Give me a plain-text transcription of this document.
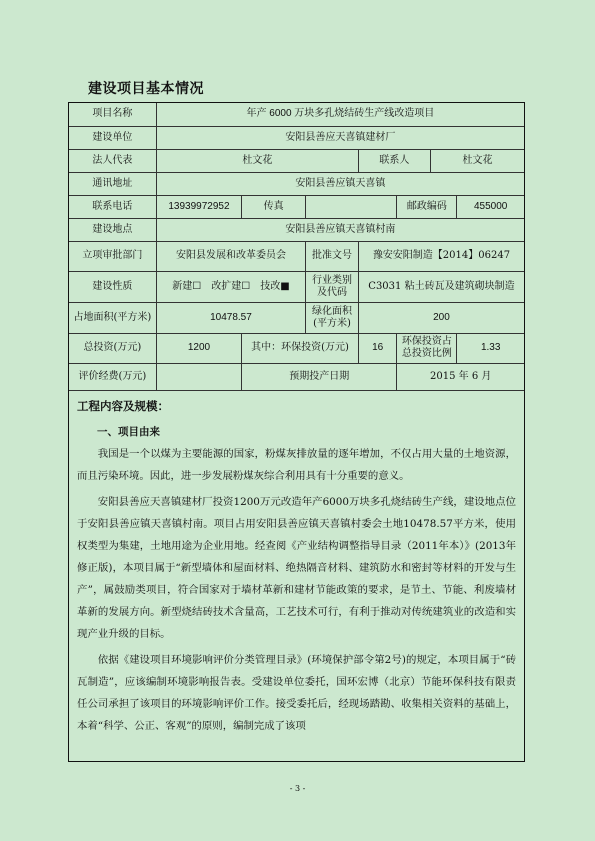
建设项目基本情况
项目名称	年产 6000 万块多孔烧结砖生产线改造项目						
建设单位	安阳县善应天喜镇建材厂						
法人代表	杜文花			联系人		杜文花	
通讯地址	安阳县善应镇天喜镇						
联系电话	13939972952	传真			邮政编码		455000
建设地点	安阳县善应镇天喜镇村南						
立项审批部门	安阳县发展和改革委员会		批准文号	豫安安阳制造【2014】06247			
建设性质	新建☐　改扩建☐　技改■		行业类别及代码	C3031 粘土砖瓦及建筑砌块制造			
占地面积(平方米)	10478.57		绿化面积(平方米)	200			
总投资(万元)	1200	其中：环保投资(万元)		16	环保投资占总投资比例		1.33
评价经费(万元)		预期投产日期			2015 年 6 月		
工程内容及规模：
一、项目由来

我国是一个以煤为主要能源的国家，粉煤灰排放量的逐年增加，不仅占用大量的土地资源，而且污染环境。因此，进一步发展粉煤灰综合利用具有十分重要的意义。

安阳县善应天喜镇建材厂投资1200万元改造年产6000万块多孔烧结砖生产线，建设地点位于安阳县善应镇天喜镇村南。项目占用安阳县善应镇天喜镇村委会土地10478.57平方米，使用权类型为集建，土地用途为企业用地。经查阅《产业结构调整指导目录（2011年本）》(2013年修正版)，本项目属于“新型墙体和屋面材料、绝热隔音材料、建筑防水和密封等材料的开发与生产”，属鼓励类项目，符合国家对于墙材革新和建材节能政策的要求，是节土、节能、利废墙材革新的发展方向。新型烧结砖技术含量高，工艺技术可行，有利于推动对传统建筑业的改造和实现产业升级的目标。

依据《建设项目环境影响评价分类管理目录》(环境保护部令第2号)的规定，本项目属于“砖瓦制造”，应该编制环境影响报告表。受建设单位委托，国环宏博（北京）节能环保科技有限责任公司承担了该项目的环境影响评价工作。接受委托后，经现场踏勘、收集相关资料的基础上，本着“科学、公正、客观”的原则，编制完成了该项

- 3 -
